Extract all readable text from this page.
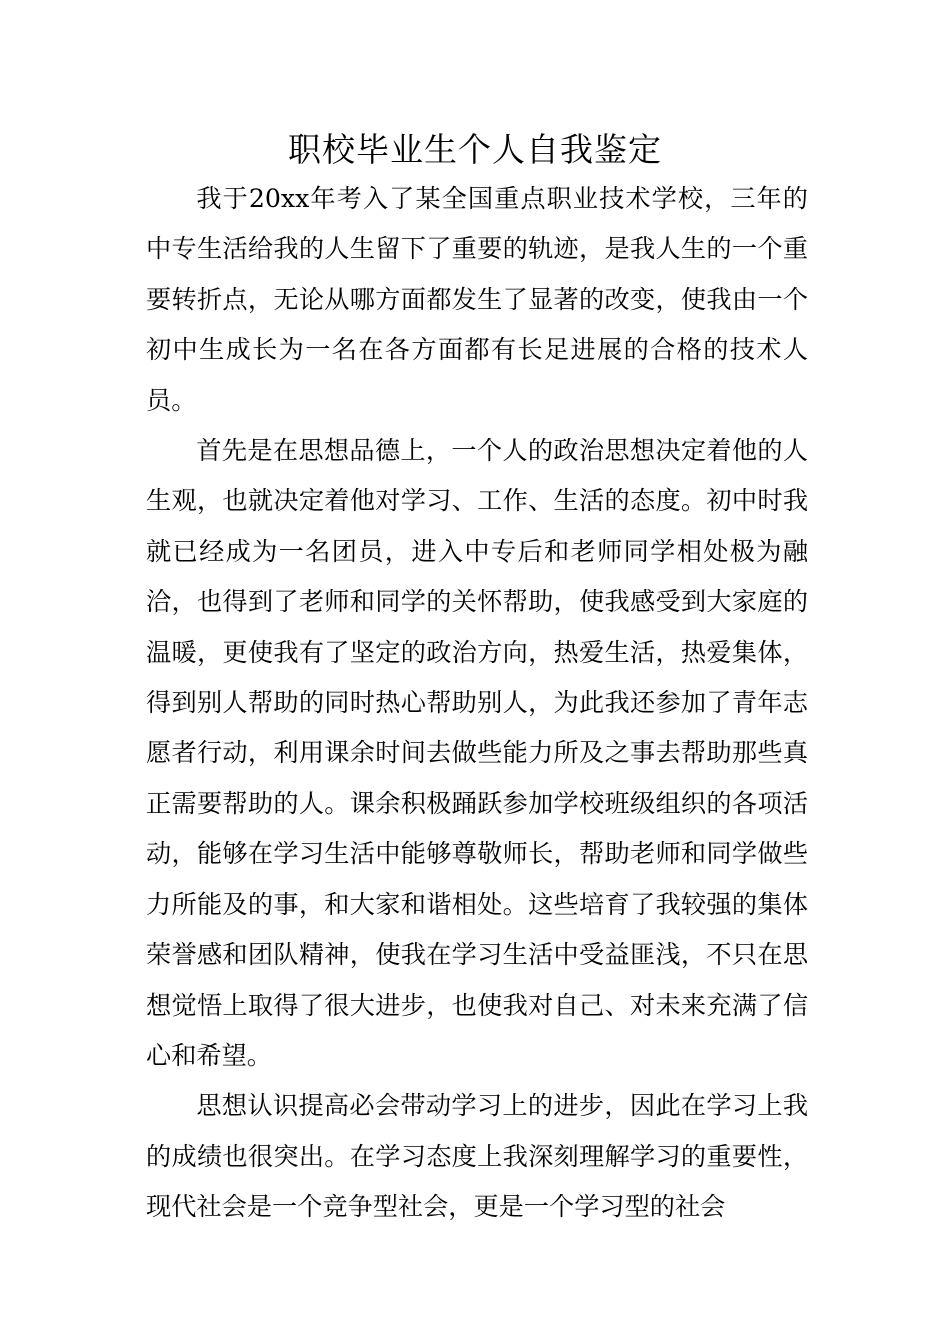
职校毕业生个人自我鉴定

我于20xx年考入了某全国重点职业技术学校，三年的中专生活给我的人生留下了重要的轨迹，是我人生的一个重要转折点，无论从哪方面都发生了显著的改变，使我由一个初中生成长为一名在各方面都有长足进展的合格的技术人员。

首先是在思想品德上，一个人的政治思想决定着他的人生观，也就决定着他对学习、工作、生活的态度。初中时我就已经成为一名团员，进入中专后和老师同学相处极为融洽，也得到了老师和同学的关怀帮助，使我感受到大家庭的温暖，更使我有了坚定的政治方向，热爱生活，热爱集体，得到别人帮助的同时热心帮助别人，为此我还参加了青年志愿者行动，利用课余时间去做些能力所及之事去帮助那些真正需要帮助的人。课余积极踊跃参加学校班级组织的各项活动，能够在学习生活中能够尊敬师长，帮助老师和同学做些力所能及的事，和大家和谐相处。这些培育了我较强的集体荣誉感和团队精神，使我在学习生活中受益匪浅，不只在思想觉悟上取得了很大进步，也使我对自己、对未来充满了信心和希望。

思想认识提高必会带动学习上的进步，因此在学习上我的成绩也很突出。在学习态度上我深刻理解学习的重要性，现代社会是一个竞争型社会，更是一个学习型的社会
